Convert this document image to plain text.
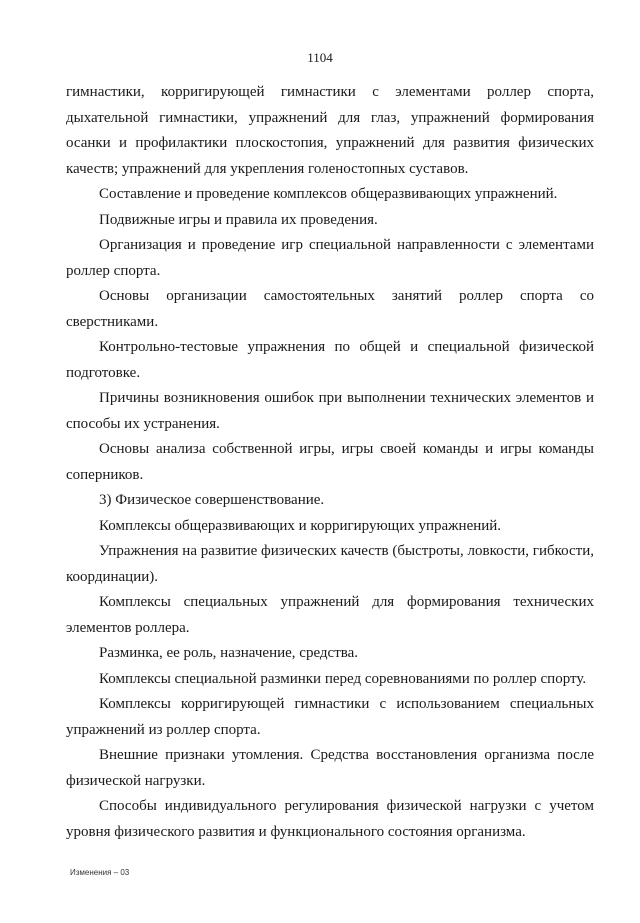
1104

гимнастики, корригирующей гимнастики с элементами роллер спорта, дыхательной гимнастики, упражнений для глаз, упражнений формирования осанки и профилактики плоскостопия, упражнений для развития физических качеств; упражнений для укрепления голеностопных суставов.

Составление и проведение комплексов общеразвивающих упражнений.

Подвижные игры и правила их проведения.

Организация и проведение игр специальной направленности с элементами роллер спорта.

Основы организации самостоятельных занятий роллер спорта со сверстниками.

Контрольно-тестовые упражнения по общей и специальной физической подготовке.

Причины возникновения ошибок при выполнении технических элементов и способы их устранения.

Основы анализа собственной игры, игры своей команды и игры команды соперников.

3) Физическое совершенствование.

Комплексы общеразвивающих и корригирующих упражнений.

Упражнения на развитие физических качеств (быстроты, ловкости, гибкости, координации).

Комплексы специальных упражнений для формирования технических элементов роллера.

Разминка, ее роль, назначение, средства.

Комплексы специальной разминки перед соревнованиями по роллер спорту.

Комплексы корригирующей гимнастики с использованием специальных упражнений из роллер спорта.

Внешние признаки утомления. Средства восстановления организма после физической нагрузки.

Способы индивидуального регулирования физической нагрузки с учетом уровня физического развития и функционального состояния организма.

Изменения – 03
